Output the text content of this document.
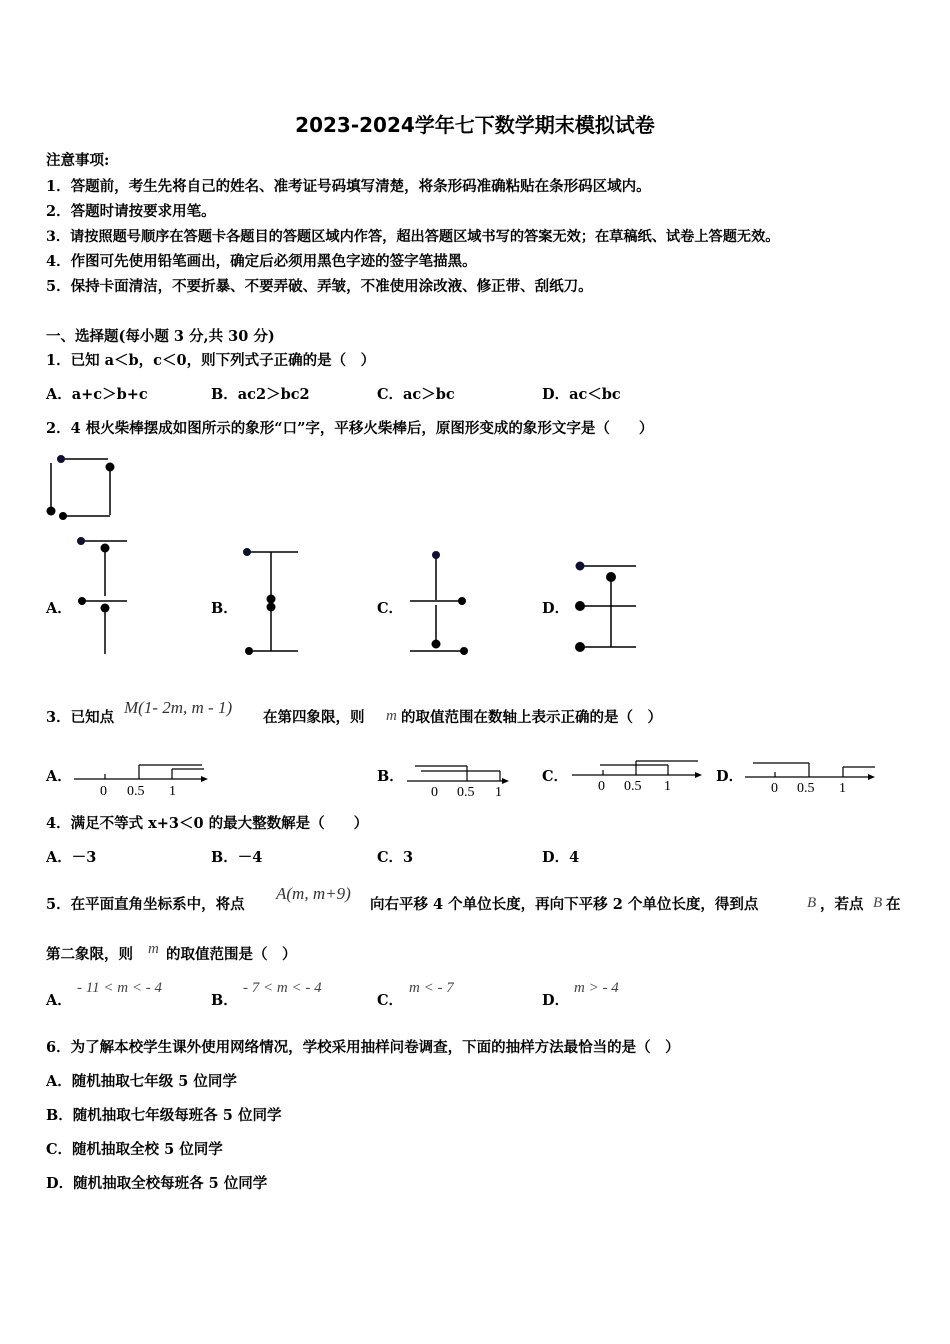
2023-2024学年七下数学期末模拟试卷
注意事项:
1．答题前，考生先将自己的姓名、准考证号码填写清楚，将条形码准确粘贴在条形码区域内。
2．答题时请按要求用笔。
3．请按照题号顺序在答题卡各题目的答题区域内作答，超出答题区域书写的答案无效；在草稿纸、试卷上答题无效。
4．作图可先使用铅笔画出，确定后必须用黑色字迹的签字笔描黑。
5．保持卡面清洁，不要折暴、不要弄破、弄皱，不准使用涂改液、修正带、刮纸刀。
一、选择题(每小题 3 分,共 30 分)
1．已知 a＜b，c＜0，则下列式子正确的是（　）
A．a+c＞b+c	B．ac2＞bc2	C．ac＞bc	D．ac＜bc
2．4 根火柴棒摆成如图所示的象形“口”字，平移火柴棒后，原图形变成的象形文字是（　　）
A．	B．	C．	D．
3．已知点
M(1- 2m, m - 1)
在第四象限，则 m 的取值范围在数轴上表示正确的是（　）
A．	B．	C．	D．
0 0.5 1	0 0.5 1	0 0.5 1	0 0.5 1
4．满足不等式 x+3＜0 的最大整数解是（　　）
A．－3	B．－4	C．3	D．4
5．在平面直角坐标系中，将点
A(m, m+9)
向右平移 4 个单位长度，再向下平移 2 个单位长度，得到点	B ，若点 B 在
第二象限，则 m 的取值范围是（　）
A．
- 11 < m < - 4
B．
- 7 < m < - 4
C．
m < - 7
D．
m > - 4
6．为了解本校学生课外使用网络情况，学校采用抽样问卷调查，下面的抽样方法最恰当的是（　）
A．随机抽取七年级 5 位同学
B．随机抽取七年级每班各 5 位同学
C．随机抽取全校 5 位同学
D．随机抽取全校每班各 5 位同学
